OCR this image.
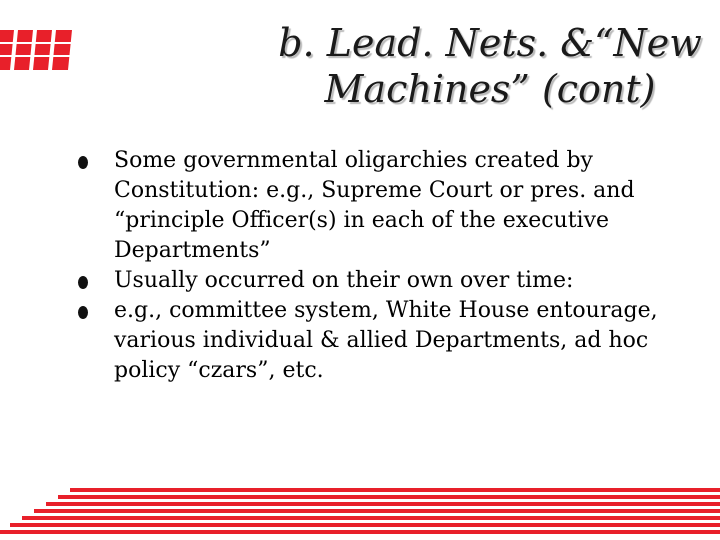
b. Lead. Nets. &“New Machines” (cont)
Some governmental oligarchies created by Constitution: e.g., Supreme Court or pres. and “principle Officer(s) in each of the executive Departments”
Usually occurred on their own over time:
e.g., committee system, White House entourage, various individual & allied Departments, ad hoc policy “czars”, etc.
